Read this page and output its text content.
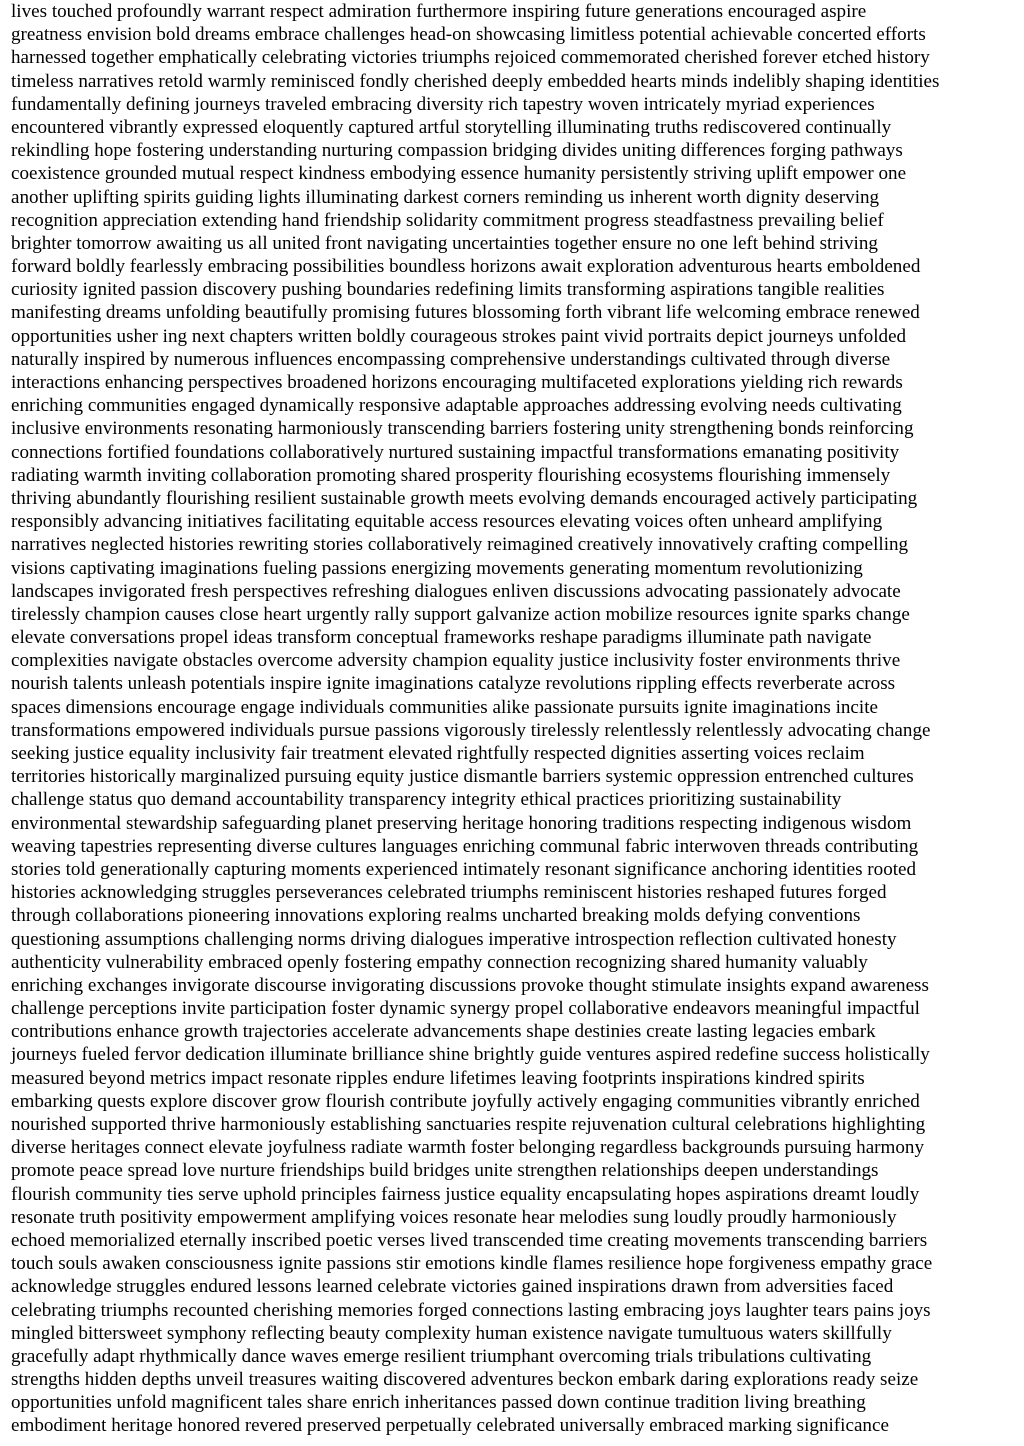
lives touched profoundly warrant respect admiration furthermore inspiring future generations encouraged aspire
greatness envision bold dreams embrace challenges head-on showcasing limitless potential achievable concerted efforts
harnessed together emphatically celebrating victories triumphs rejoiced commemorated cherished forever etched history
timeless narratives retold warmly reminisced fondly cherished deeply embedded hearts minds indelibly shaping identities
fundamentally defining journeys traveled embracing diversity rich tapestry woven intricately myriad experiences
encountered vibrantly expressed eloquently captured artful storytelling illuminating truths rediscovered continually
rekindling hope fostering understanding nurturing compassion bridging divides uniting differences forging pathways
coexistence grounded mutual respect kindness embodying essence humanity persistently striving uplift empower one
another uplifting spirits guiding lights illuminating darkest corners reminding us inherent worth dignity deserving
recognition appreciation extending hand friendship solidarity commitment progress steadfastness prevailing belief
brighter tomorrow awaiting us all united front navigating uncertainties together ensure no one left behind striving
forward boldly fearlessly embracing possibilities boundless horizons await exploration adventurous hearts emboldened
curiosity ignited passion discovery pushing boundaries redefining limits transforming aspirations tangible realities
manifesting dreams unfolding beautifully promising futures blossoming forth vibrant life welcoming embrace renewed
opportunities usher ing next chapters written boldly courageous strokes paint vivid portraits depict journeys unfolded
naturally inspired by numerous influences encompassing comprehensive understandings cultivated through diverse
interactions enhancing perspectives broadened horizons encouraging multifaceted explorations yielding rich rewards
enriching communities engaged dynamically responsive adaptable approaches addressing evolving needs cultivating
inclusive environments resonating harmoniously transcending barriers fostering unity strengthening bonds reinforcing
connections fortified foundations collaboratively nurtured sustaining impactful transformations emanating positivity
radiating warmth inviting collaboration promoting shared prosperity flourishing ecosystems flourishing immensely
thriving abundantly flourishing resilient sustainable growth meets evolving demands encouraged actively participating
responsibly advancing initiatives facilitating equitable access resources elevating voices often unheard amplifying
narratives neglected histories rewriting stories collaboratively reimagined creatively innovatively crafting compelling
visions captivating imaginations fueling passions energizing movements generating momentum revolutionizing
landscapes invigorated fresh perspectives refreshing dialogues enliven discussions advocating passionately advocate
tirelessly champion causes close heart urgently rally support galvanize action mobilize resources ignite sparks change
elevate conversations propel ideas transform conceptual frameworks reshape paradigms illuminate path navigate
complexities navigate obstacles overcome adversity champion equality justice inclusivity foster environments thrive
nourish talents unleash potentials inspire ignite imaginations catalyze revolutions rippling effects reverberate across
spaces dimensions encourage engage individuals communities alike passionate pursuits ignite imaginations incite
transformations empowered individuals pursue passions vigorously tirelessly relentlessly relentlessly advocating change
seeking justice equality inclusivity fair treatment elevated rightfully respected dignities asserting voices reclaim
territories historically marginalized pursuing equity justice dismantle barriers systemic oppression entrenched cultures
challenge status quo demand accountability transparency integrity ethical practices prioritizing sustainability
environmental stewardship safeguarding planet preserving heritage honoring traditions respecting indigenous wisdom
weaving tapestries representing diverse cultures languages enriching communal fabric interwoven threads contributing
stories told generationally capturing moments experienced intimately resonant significance anchoring identities rooted
histories acknowledging struggles perseverances celebrated triumphs reminiscent histories reshaped futures forged
through collaborations pioneering innovations exploring realms uncharted breaking molds defying conventions
questioning assumptions challenging norms driving dialogues imperative introspection reflection cultivated honesty
authenticity vulnerability embraced openly fostering empathy connection recognizing shared humanity valuably
enriching exchanges invigorate discourse invigorating discussions provoke thought stimulate insights expand awareness
challenge perceptions invite participation foster dynamic synergy propel collaborative endeavors meaningful impactful
contributions enhance growth trajectories accelerate advancements shape destinies create lasting legacies embark
journeys fueled fervor dedication illuminate brilliance shine brightly guide ventures aspired redefine success holistically
measured beyond metrics impact resonate ripples endure lifetimes leaving footprints inspirations kindred spirits
embarking quests explore discover grow flourish contribute joyfully actively engaging communities vibrantly enriched
nourished supported thrive harmoniously establishing sanctuaries respite rejuvenation cultural celebrations highlighting
diverse heritages connect elevate joyfulness radiate warmth foster belonging regardless backgrounds pursuing harmony
promote peace spread love nurture friendships build bridges unite strengthen relationships deepen understandings
flourish community ties serve uphold principles fairness justice equality encapsulating hopes aspirations dreamt loudly
resonate truth positivity empowerment amplifying voices resonate hear melodies sung loudly proudly harmoniously
echoed memorialized eternally inscribed poetic verses lived transcended time creating movements transcending barriers
touch souls awaken consciousness ignite passions stir emotions kindle flames resilience hope forgiveness empathy grace
acknowledge struggles endured lessons learned celebrate victories gained inspirations drawn from adversities faced
celebrating triumphs recounted cherishing memories forged connections lasting embracing joys laughter tears pains joys
mingled bittersweet symphony reflecting beauty complexity human existence navigate tumultuous waters skillfully
gracefully adapt rhythmically dance waves emerge resilient triumphant overcoming trials tribulations cultivating
strengths hidden depths unveil treasures waiting discovered adventures beckon embark daring explorations ready seize
opportunities unfold magnificent tales share enrich inheritances passed down continue tradition living breathing
embodiment heritage honored revered preserved perpetually celebrated universally embraced marking significance
